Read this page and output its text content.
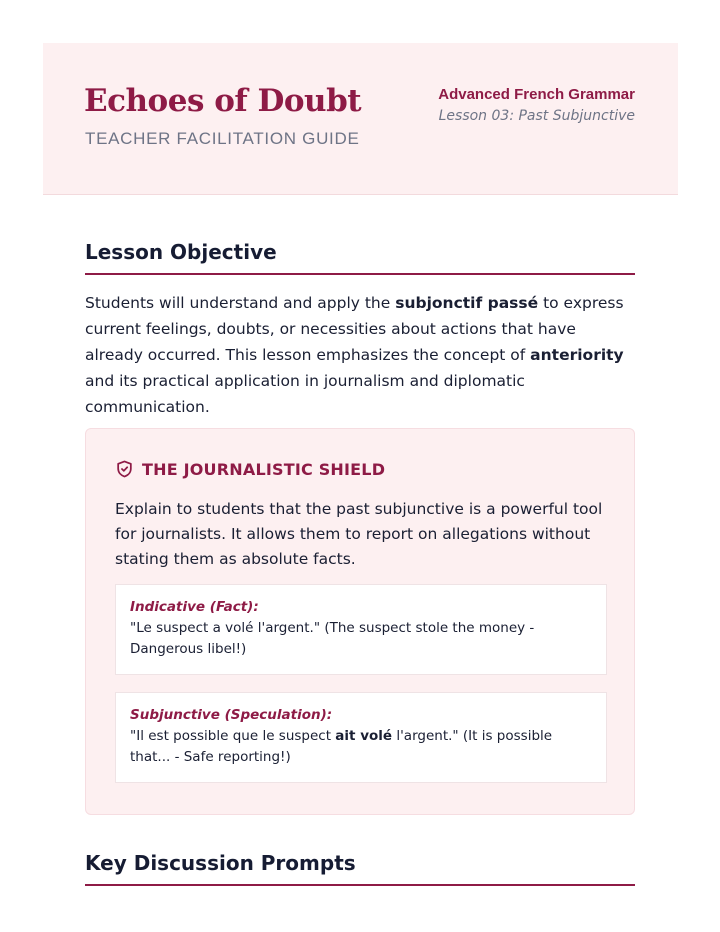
Echoes of Doubt
TEACHER FACILITATION GUIDE
Advanced French Grammar
Lesson 03: Past Subjunctive
Lesson Objective

Students will understand and apply the subjonctif passé to express current feelings, doubts, or necessities about actions that have already occurred. This lesson emphasizes the concept of anteriority and its practical application in journalism and diplomatic communication.

THE JOURNALISTIC SHIELD

Explain to students that the past subjunctive is a powerful tool for journalists. It allows them to report on allegations without stating them as absolute facts.

Indicative (Fact):
"Le suspect a volé l'argent." (The suspect stole the money - Dangerous libel!)
Subjunctive (Speculation):
"Il est possible que le suspect ait volé l'argent." (It is possible that... - Safe reporting!)
Key Discussion Prompts
